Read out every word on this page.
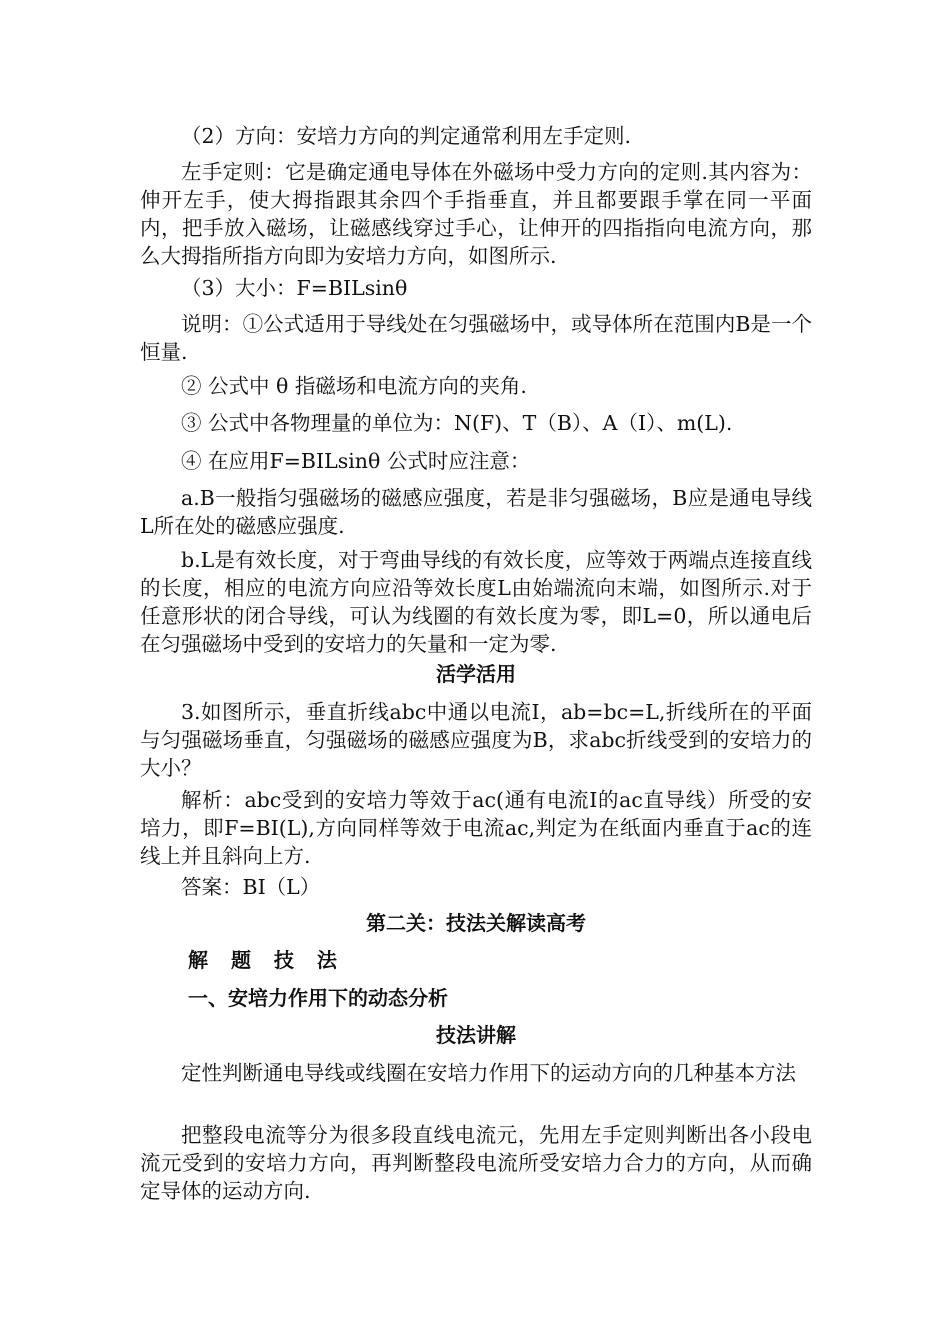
（2）方向：安培力方向的判定通常利用左手定则.

左手定则：它是确定通电导体在外磁场中受力方向的定则.其内容为：伸开左手，使大拇指跟其余四个手指垂直，并且都要跟手掌在同一平面内，把手放入磁场，让磁感线穿过手心，让伸开的四指指向电流方向，那么大拇指所指方向即为安培力方向，如图所示.

（3）大小：F=BILsinθ

说明：①公式适用于导线处在匀强磁场中，或导体所在范围内B是一个恒量.

② 公式中 θ 指磁场和电流方向的夹角.

③ 公式中各物理量的单位为：N(F)、T（B）、A（I）、m(L).

④ 在应用F=BILsinθ 公式时应注意：

a.B一般指匀强磁场的磁感应强度，若是非匀强磁场，B应是通电导线L所在处的磁感应强度.

b.L是有效长度，对于弯曲导线的有效长度，应等效于两端点连接直线的长度，相应的电流方向应沿等效长度L由始端流向末端，如图所示.对于任意形状的闭合导线，可认为线圈的有效长度为零，即L=0，所以通电后在匀强磁场中受到的安培力的矢量和一定为零.

活学活用

3.如图所示，垂直折线abc中通以电流I，ab=bc=L,折线所在的平面与匀强磁场垂直，匀强磁场的磁感应强度为B，求abc折线受到的安培力的大小？

解析：abc受到的安培力等效于ac(通有电流I的ac直导线）所受的安培力，即F=BI(L),方向同样等效于电流ac,判定为在纸面内垂直于ac的连线上并且斜向上方.

答案：BI（L）

第二关：技法关解读高考
解 题 技 法
一、安培力作用下的动态分析
技法讲解

定性判断通电导线或线圈在安培力作用下的运动方向的几种基本方法

把整段电流等分为很多段直线电流元，先用左手定则判断出各小段电流元受到的安培力方向，再判断整段电流所受安培力合力的方向，从而确定导体的运动方向.
